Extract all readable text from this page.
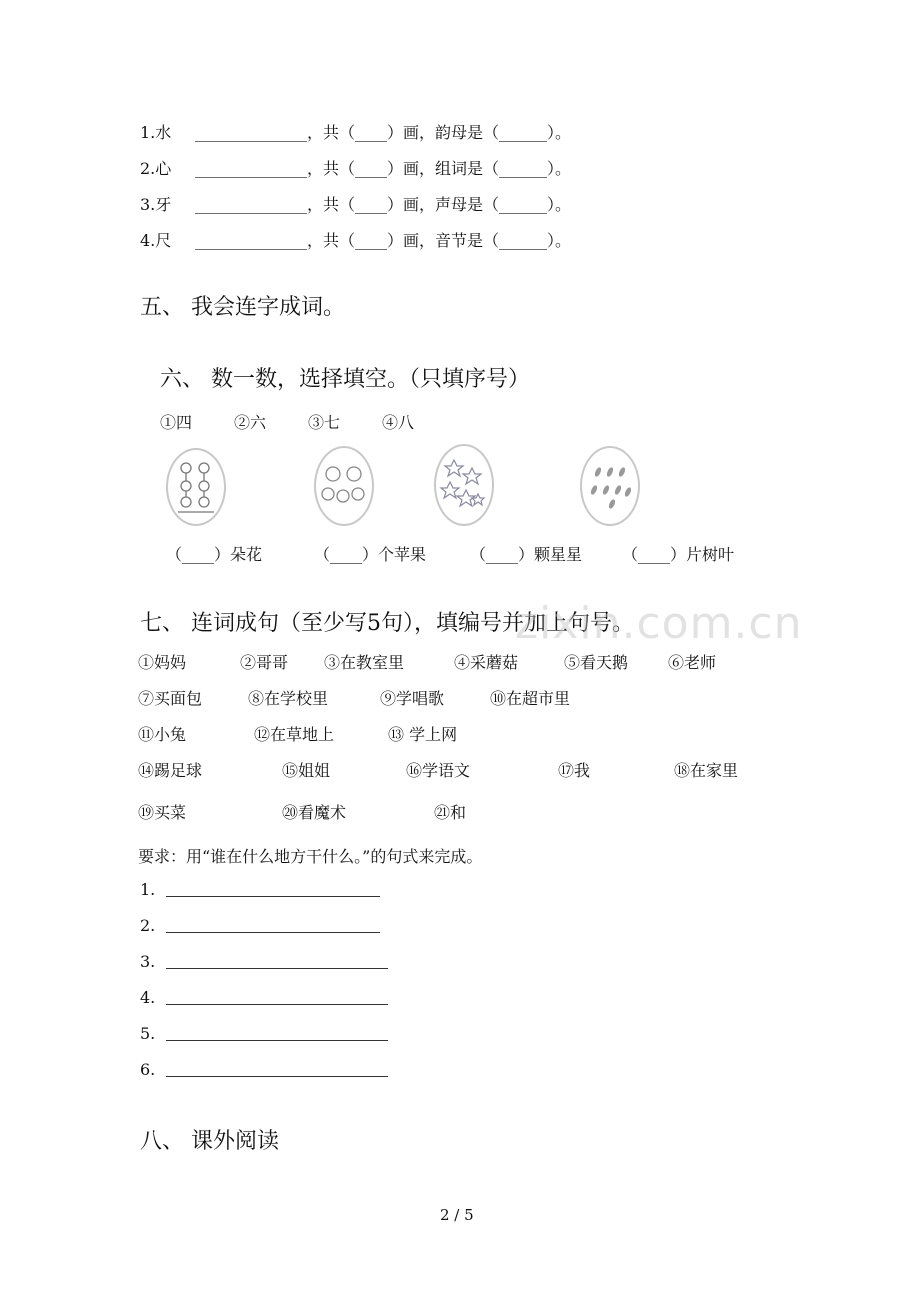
1.水 ______________，共（____）画，韵母是（______）。
2.心 ______________，共（____）画，组词是（______）。
3.牙 ______________，共（____）画，声母是（______）。
4.尺 ______________，共（____）画，音节是（______）。
五、 我会连字成词。
六、 数一数，选择填空。（只填序号）
①四	②六	③七	④八
（____）朵花	（____）个苹果	（____）颗星星 （____）片树叶
七、 连词成句（至少写5句），填编号并加上句号。
zixin.com.cn
①妈妈	②哥哥 ③在教室里	④采蘑菇	⑤看天鹅 ⑥老师
⑦买面包	⑧在学校里	⑨学唱歌	⑩在超市里
⑪小兔	⑫在草地上	⑬ 学上网
⑭踢足球	⑮姐姐	⑯学语文	⑰我	⑱在家里
⑲买菜	⑳看魔术	㉑和
要求：用“谁在什么地方干什么。”的句式来完成。
1.
2.
3.
4.
5.
6.
八、 课外阅读
2 / 5
